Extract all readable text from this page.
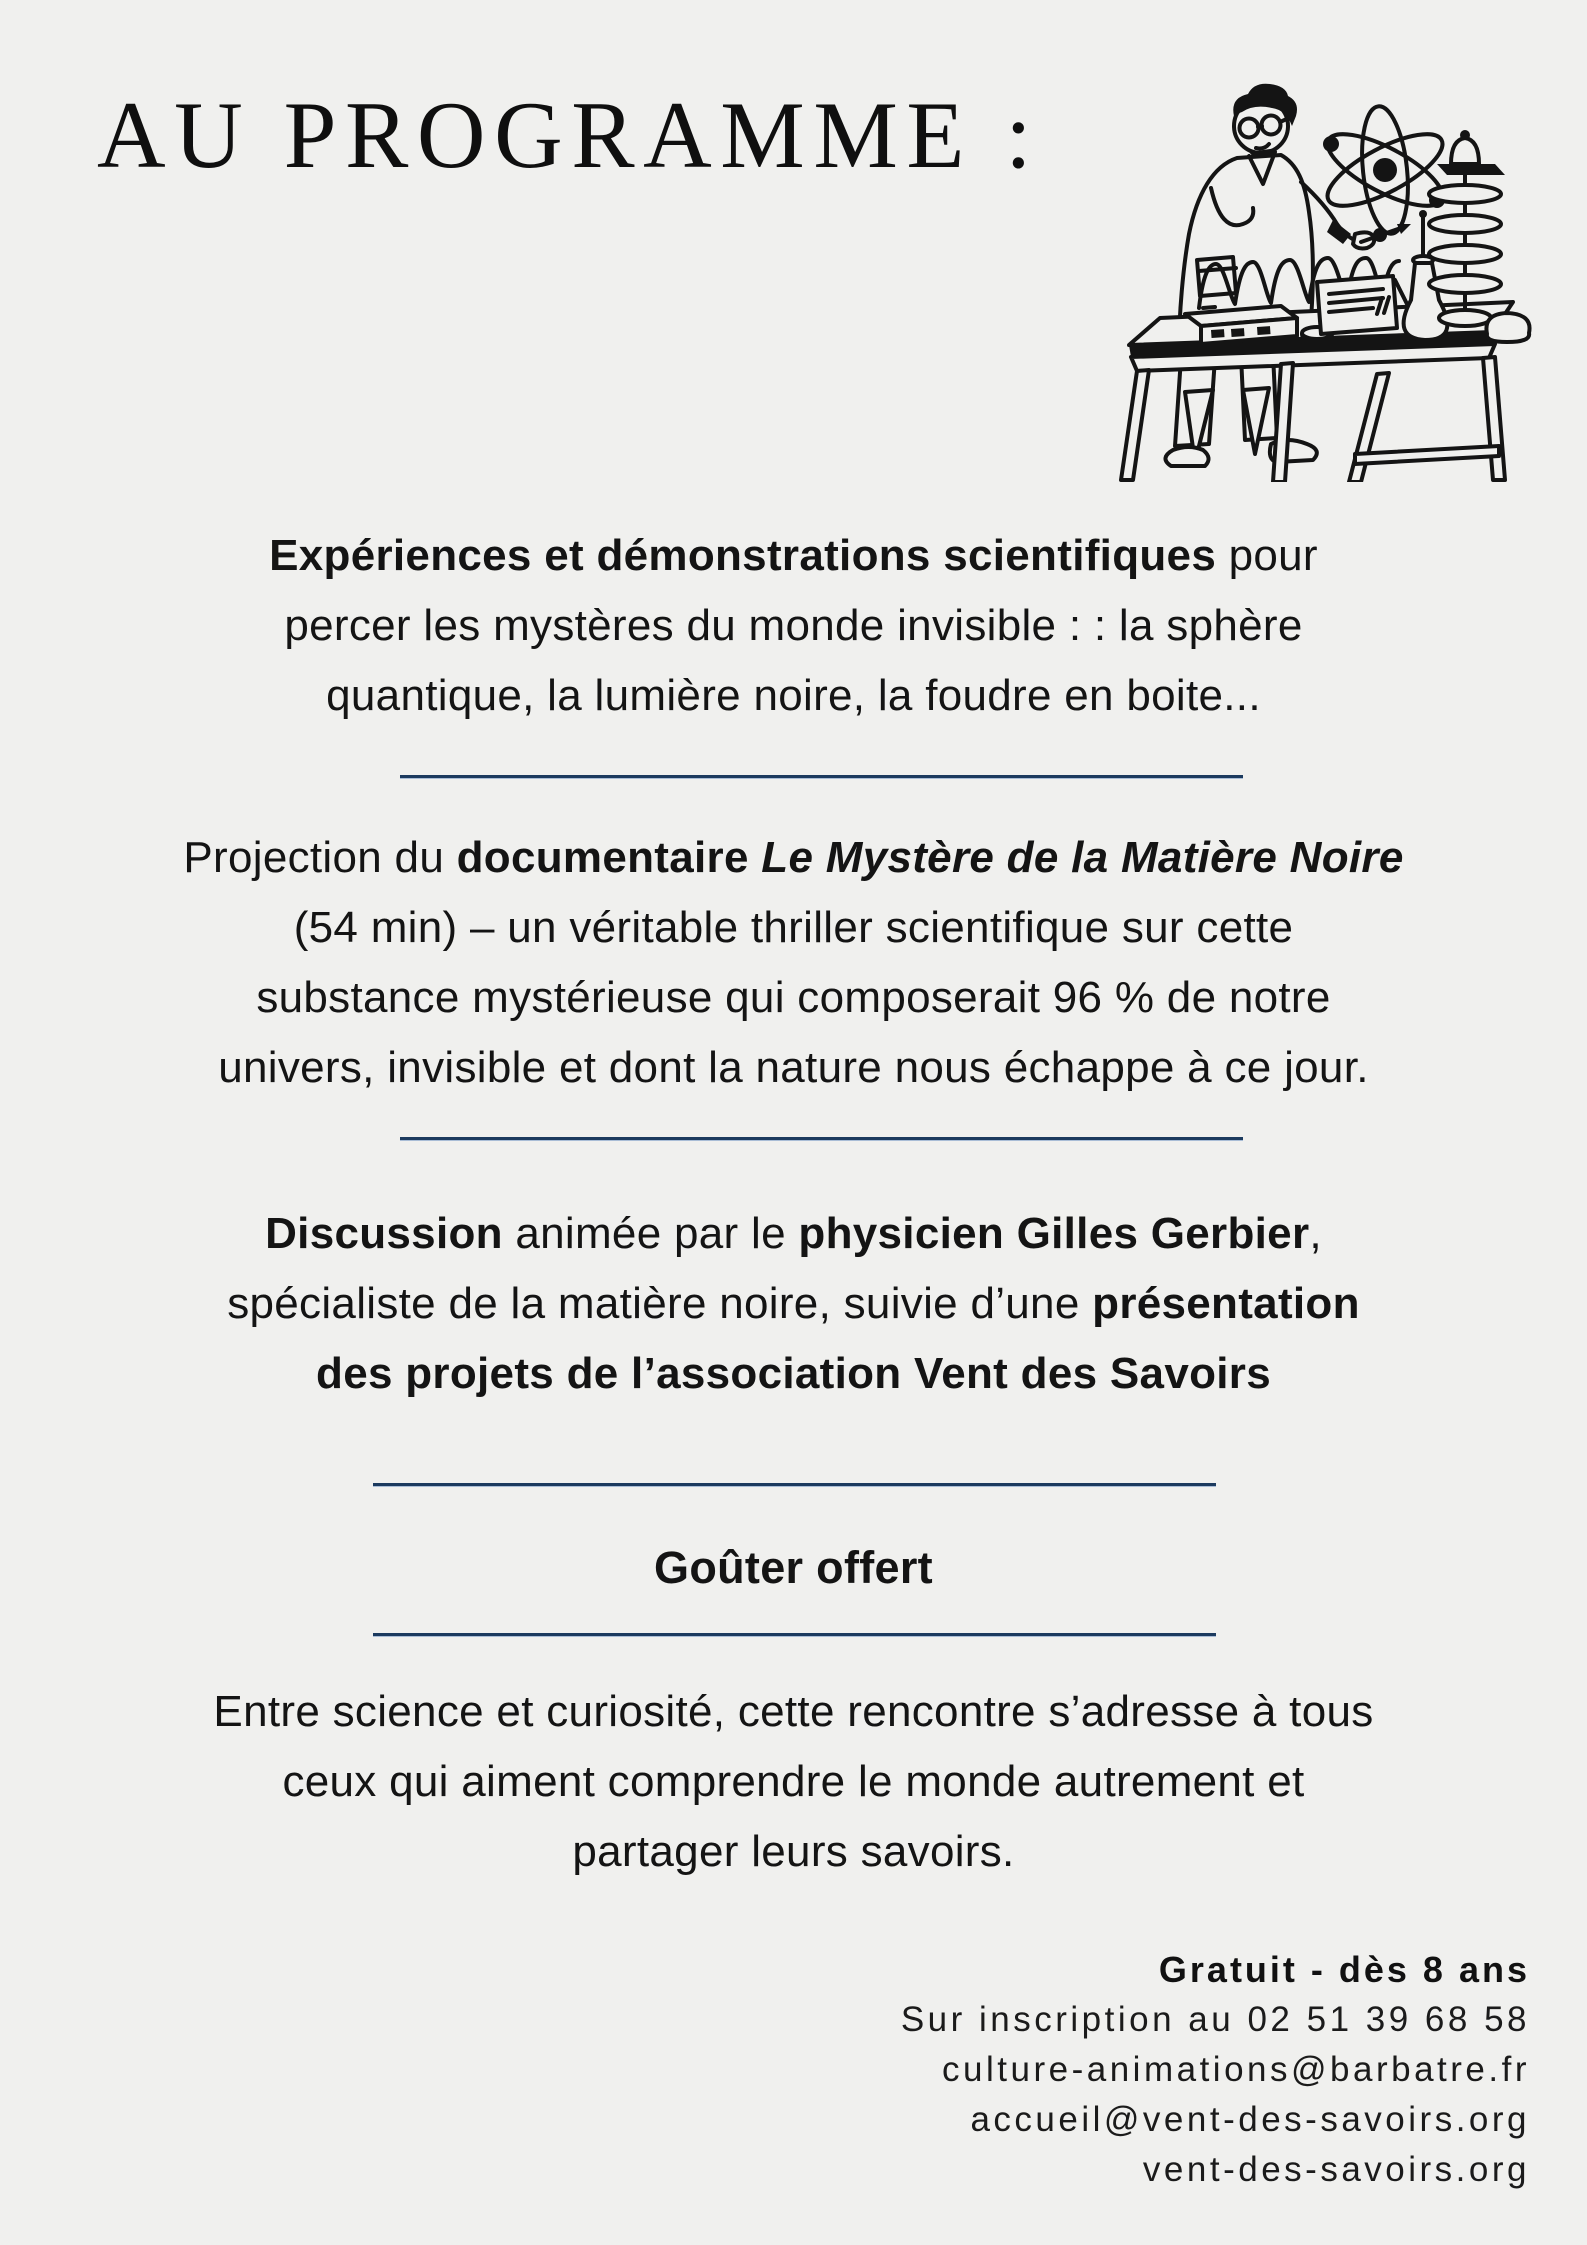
AU PROGRAMME :

Expériences et démonstrations scientifiques pour
percer les mystères du monde invisible : : la sphère
quantique, la lumière noire, la foudre en boite...

Projection du documentaire Le Mystère de la Matière Noire
(54 min) – un véritable thriller scientifique sur cette
substance mystérieuse qui composerait 96 % de notre
univers, invisible et dont la nature nous échappe à ce jour.

Discussion animée par le physicien Gilles Gerbier,
spécialiste de la matière noire, suivie d’une présentation
des projets de l’association Vent des Savoirs

Goûter offert

Entre science et curiosité, cette rencontre s’adresse à tous
ceux qui aiment comprendre le monde autrement et
partager leurs savoirs.

Gratuit - dès 8 ans
Sur inscription au 02 51 39 68 58
culture-animations@barbatre.fr
accueil@vent-des-savoirs.org
vent-des-savoirs.org
